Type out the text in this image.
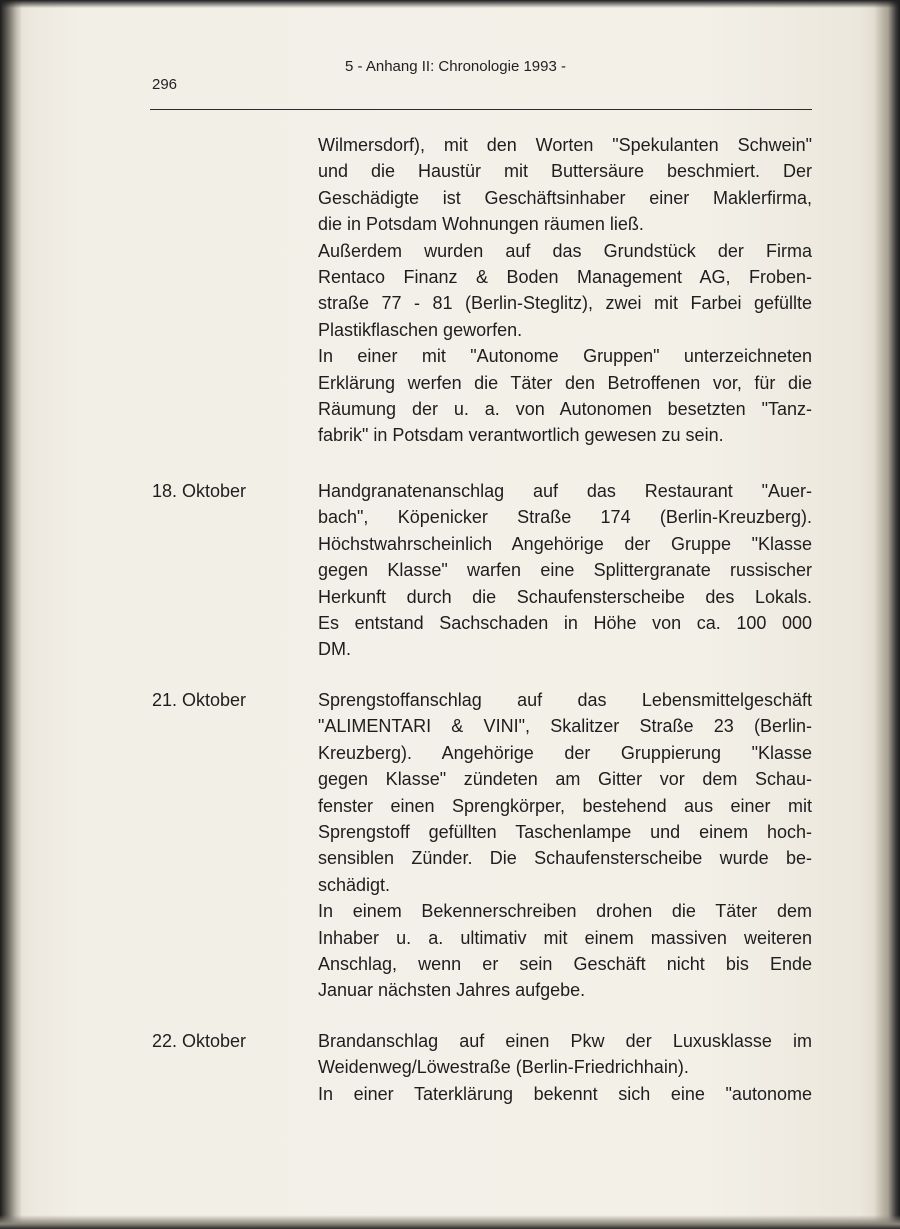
296
5 - Anhang II: Chronologie 1993 -
Wilmersdorf), mit den Worten "Spekulanten Schwein"
und die Haustür mit Buttersäure beschmiert. Der
Geschädigte ist Geschäftsinhaber einer Maklerfirma,
die in Potsdam Wohnungen räumen ließ.
Außerdem wurden auf das Grundstück der Firma
Rentaco Finanz & Boden Management AG, Froben-
straße 77 - 81 (Berlin-Steglitz), zwei mit Farbei gefüllte
Plastikflaschen geworfen.
In einer mit "Autonome Gruppen" unterzeichneten
Erklärung werfen die Täter den Betroffenen vor, für die
Räumung der u. a. von Autonomen besetzten "Tanz-
fabrik" in Potsdam verantwortlich gewesen zu sein.
18. Oktober	Handgranatenanschlag auf das Restaurant "Auer-
bach", Köpenicker Straße 174 (Berlin-Kreuzberg).
Höchstwahrscheinlich Angehörige der Gruppe "Klasse
gegen Klasse" warfen eine Splittergranate russischer
Herkunft durch die Schaufensterscheibe des Lokals.
Es entstand Sachschaden in Höhe von ca. 100 000
DM.
21. Oktober	Sprengstoffanschlag auf das Lebensmittelgeschäft
"ALIMENTARI & VINI", Skalitzer Straße 23 (Berlin-
Kreuzberg). Angehörige der Gruppierung "Klasse
gegen Klasse" zündeten am Gitter vor dem Schau-
fenster einen Sprengkörper, bestehend aus einer mit
Sprengstoff gefüllten Taschenlampe und einem hoch-
sensiblen Zünder. Die Schaufensterscheibe wurde be-
schädigt.
In einem Bekennerschreiben drohen die Täter dem
Inhaber u. a. ultimativ mit einem massiven weiteren
Anschlag, wenn er sein Geschäft nicht bis Ende
Januar nächsten Jahres aufgebe.
22. Oktober	Brandanschlag auf einen Pkw der Luxusklasse im
Weidenweg/Löwestraße (Berlin-Friedrichhain).
In einer Taterklärung bekennt sich eine "autonome
